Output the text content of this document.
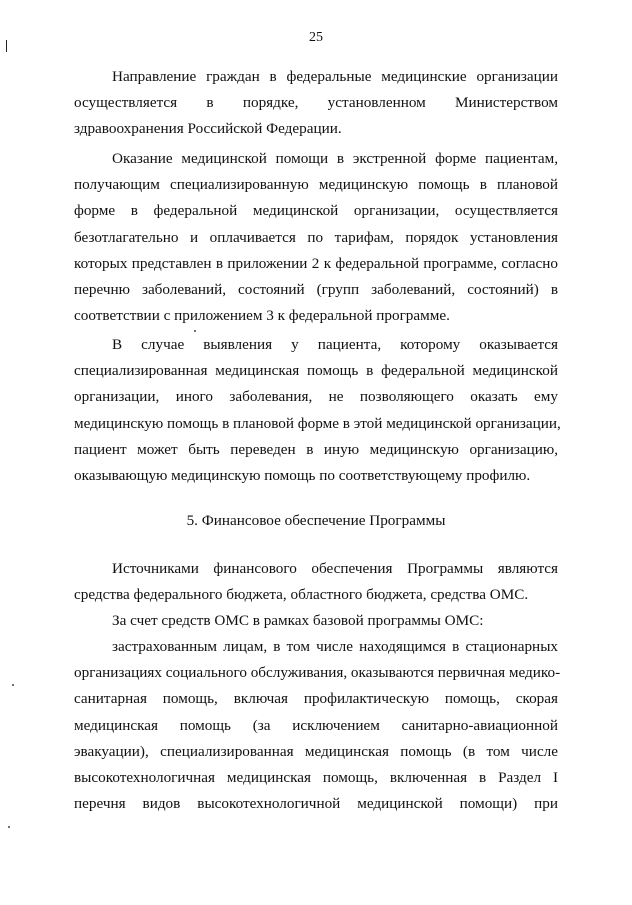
25
Направление граждан в федеральные медицинские организации
осуществляется в порядке, установленном Министерством
здравоохранения Российской Федерации.
Оказание медицинской помощи в экстренной форме пациентам,
получающим специализированную медицинскую помощь в плановой
форме в федеральной медицинской организации, осуществляется
безотлагательно и оплачивается по тарифам, порядок установления
которых представлен в приложении 2 к федеральной программе, согласно
перечню заболеваний, состояний (групп заболеваний, состояний) в
соответствии с приложением 3 к федеральной программе.
В случае выявления у пациента, которому оказывается
специализированная медицинская помощь в федеральной медицинской
организации, иного заболевания, не позволяющего оказать ему
медицинскую помощь в плановой форме в этой медицинской организации,
пациент может быть переведен в иную медицинскую организацию,
оказывающую медицинскую помощь по соответствующему профилю.
5. Финансовое обеспечение Программы
Источниками финансового обеспечения Программы являются
средства федерального бюджета, областного бюджета, средства ОМС.
За счет средств ОМС в рамках базовой программы ОМС:
застрахованным лицам, в том числе находящимся в стационарных
организациях социального обслуживания, оказываются первичная медико-
санитарная помощь, включая профилактическую помощь, скорая
медицинская помощь (за исключением санитарно-авиационной
эвакуации), специализированная медицинская помощь (в том числе
высокотехнологичная медицинская помощь, включенная в Раздел I
перечня видов высокотехнологичной медицинской помощи) при
